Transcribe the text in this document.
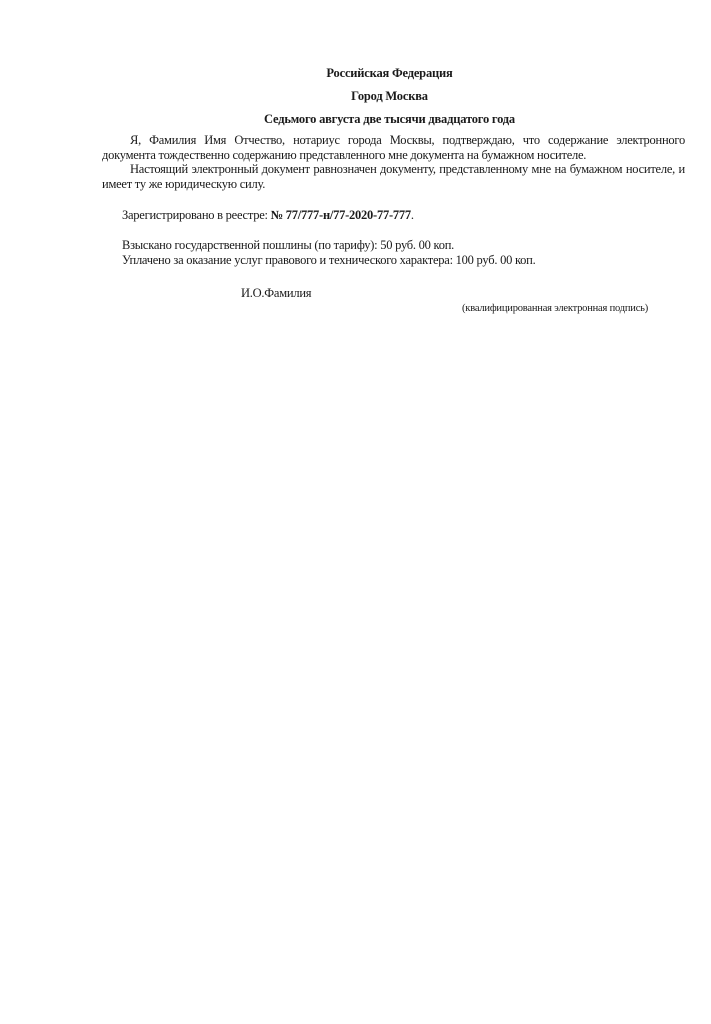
Российская Федерация
Город Москва
Седьмого августа две тысячи двадцатого года
Я, Фамилия Имя Отчество, нотариус города Москвы, подтверждаю, что содержание электронного документа тождественно содержанию представленного мне документа на бумажном носителе.
Настоящий электронный документ равнозначен документу, представленному мне на бумажном носителе, и имеет ту же юридическую силу.
Зарегистрировано в реестре: № 77/777-н/77-2020-77-777.
Взыскано государственной пошлины (по тарифу): 50 руб. 00 коп.
Уплачено за оказание услуг правового и технического характера: 100 руб. 00 коп.
И.О.Фамилия
(квалифицированная электронная подпись)
